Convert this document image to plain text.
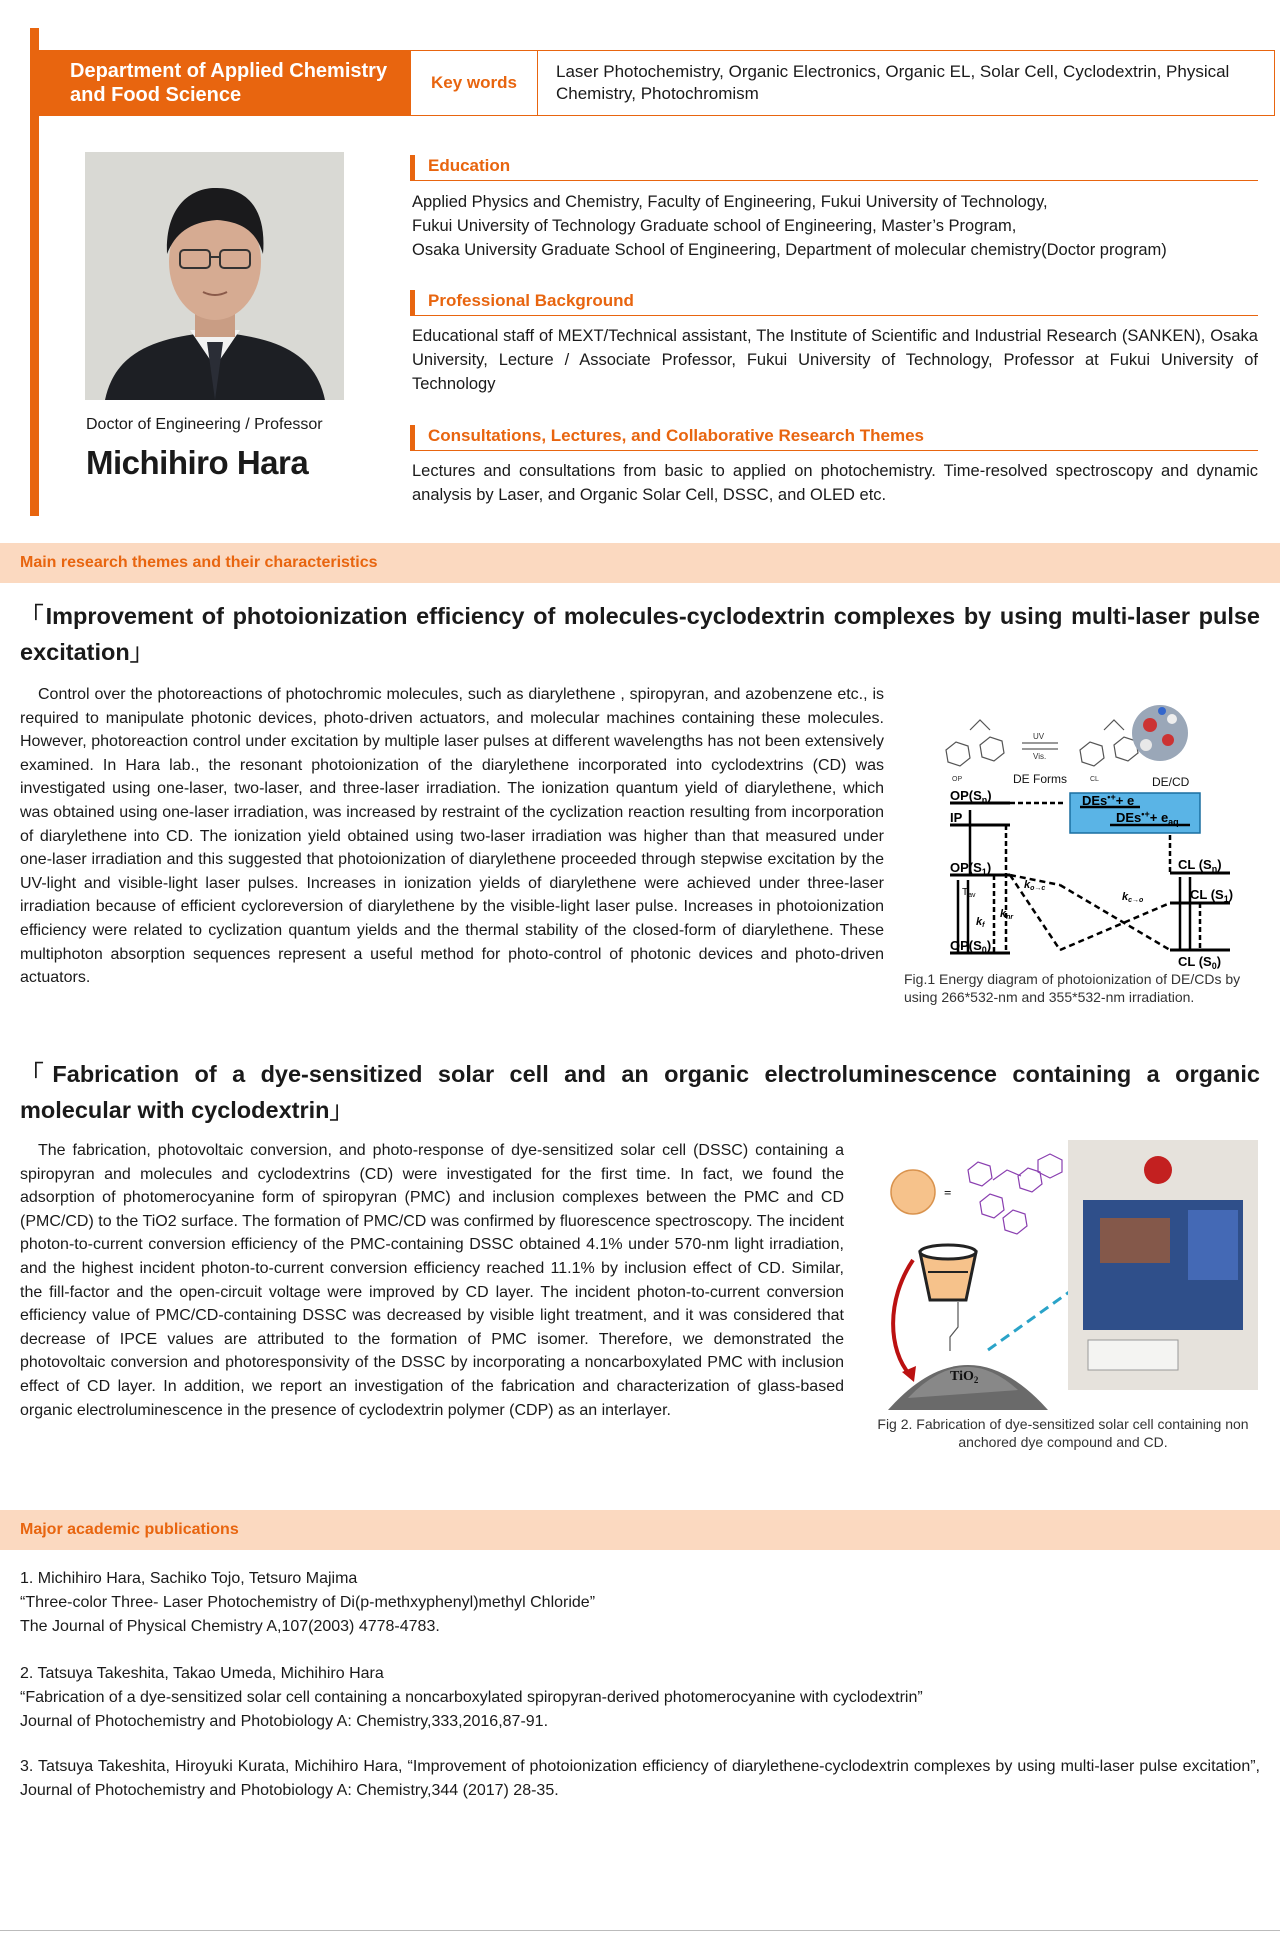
Department of Applied Chemistry and Food Science
Key words
Laser Photochemistry, Organic Electronics, Organic EL, Solar Cell, Cyclodextrin, Physical Chemistry, Photochromism
Doctor of Engineering / Professor
Michihiro Hara
Education

Applied Physics and Chemistry, Faculty of Engineering, Fukui University of Technology,

Fukui University of Technology Graduate school of Engineering, Master’s Program,

Osaka University Graduate School of Engineering, Department of molecular chemistry(Doctor program)

Professional Background
Educational staff of MEXT/Technical assistant, The Institute of Scientific and Industrial Research (SANKEN), Osaka University, Lecture / Associate Professor, Fukui University of Technology, Professor at Fukui University of Technology
Consultations, Lectures, and Collaborative Research Themes
Lectures and consultations from basic to applied on photochemistry. Time-resolved spectroscopy and dynamic analysis by Laser, and Organic Solar Cell, DSSC, and OLED etc.
Main research themes and their characteristics
「Improvement of photoionization efficiency of molecules-cyclodextrin complexes by using multi-laser pulse excitation」
Control over the photoreactions of photochromic molecules, such as diarylethene , spiropyran, and azobenzene etc., is required to manipulate photonic devices, photo-driven actuators, and molecular machines containing these molecules. However, photoreaction control under excitation by multiple laser pulses at different wavelengths has not been extensively examined. In Hara lab., the resonant photoionization of the diarylethene incorporated into cyclodextrins (CD) was investigated using one-laser, two-laser, and three-laser irradiation. The ionization quantum yield of diarylethene, which was obtained using one-laser irradiation, was increased by restraint of the cyclization reaction resulting from incorporation of diarylethene into CD. The ionization yield obtained using two-laser irradiation was higher than that measured under one-laser irradiation and this suggested that photoionization of diarylethene proceeded through stepwise excitation by the UV-light and visible-light laser pulses. Increases in ionization yields of diarylethene were achieved under three-laser irradiation because of efficient cycloreversion of diarylethene by the visible-light laser pulse. Increases in photoionization efficiency were related to cyclization quantum yields and the thermal stability of the closed-form of diarylethene. These multiphoton absorption sequences represent a useful method for photo-control of photonic devices and photo-driven actuators.
UV
Vis.
OP	CL
DE Forms	DE/CD
$OP(S_n)$
IP
DEs•++ e
$DEs^{•+}+ e_{aq}$
$OP(S_1)$
$T_{av}$
$OP(S_0)$
CL $(S_n)$
CL $(S_1)$
CL $(S_0)$
ko→c
kc→o
kf
knr
Fig.1 Energy diagram of photoionization of DE/CDs by using 266*532-nm and 355*532-nm irradiation.
「Fabrication of a dye-sensitized solar cell and an organic electroluminescence containing a organic molecular with cyclodextrin」
The fabrication, photovoltaic conversion, and photo-response of dye-sensitized solar cell (DSSC) containing a spiropyran and molecules and cyclodextrins (CD) were investigated for the first time. In fact, we found the adsorption of photomerocyanine form of spiropyran (PMC) and inclusion complexes between the PMC and CD (PMC/CD) to the TiO2 surface. The formation of PMC/CD was confirmed by fluorescence spectroscopy. The incident photon-to-current conversion efficiency of the PMC-containing DSSC obtained 4.1% under 570-nm light irradiation, and the highest incident photon-to-current conversion efficiency reached 11.1% by inclusion effect of CD. Similar, the fill-factor and the open-circuit voltage were improved by CD layer. The incident photon-to-current conversion efficiency value of PMC/CD-containing DSSC was decreased by visible light treatment, and it was considered that decrease of IPCE values are attributed to the formation of PMC isomer. Therefore, we demonstrated the photovoltaic conversion and photoresponsivity of the DSSC by incorporating a noncarboxylated PMC with inclusion effect of CD layer. In addition, we report an investigation of the fabrication and characterization of glass-based organic electroluminescence in the presence of cyclodextrin polymer (CDP) as an interlayer.
=
TiO$_2$
Fig 2. Fabrication of dye-sensitized solar cell containing non anchored dye compound and CD.
Major academic publications

1. Michihiro Hara, Sachiko Tojo, Tetsuro Majima

“Three-color Three- Laser Photochemistry of Di(p-methxyphenyl)methyl Chloride”

The Journal of Physical Chemistry A,107(2003) 4778-4783.

2. Tatsuya Takeshita, Takao Umeda, Michihiro Hara

“Fabrication of a dye-sensitized solar cell containing a noncarboxylated spiropyran-derived photomerocyanine with cyclodextrin”

Journal of Photochemistry and Photobiology A: Chemistry,333,2016,87-91.

3. Tatsuya Takeshita, Hiroyuki Kurata, Michihiro Hara, “Improvement of photoionization efficiency of diarylethene-cyclodextrin complexes by using multi-laser pulse excitation”, Journal of Photochemistry and Photobiology A: Chemistry,344 (2017) 28-35.
